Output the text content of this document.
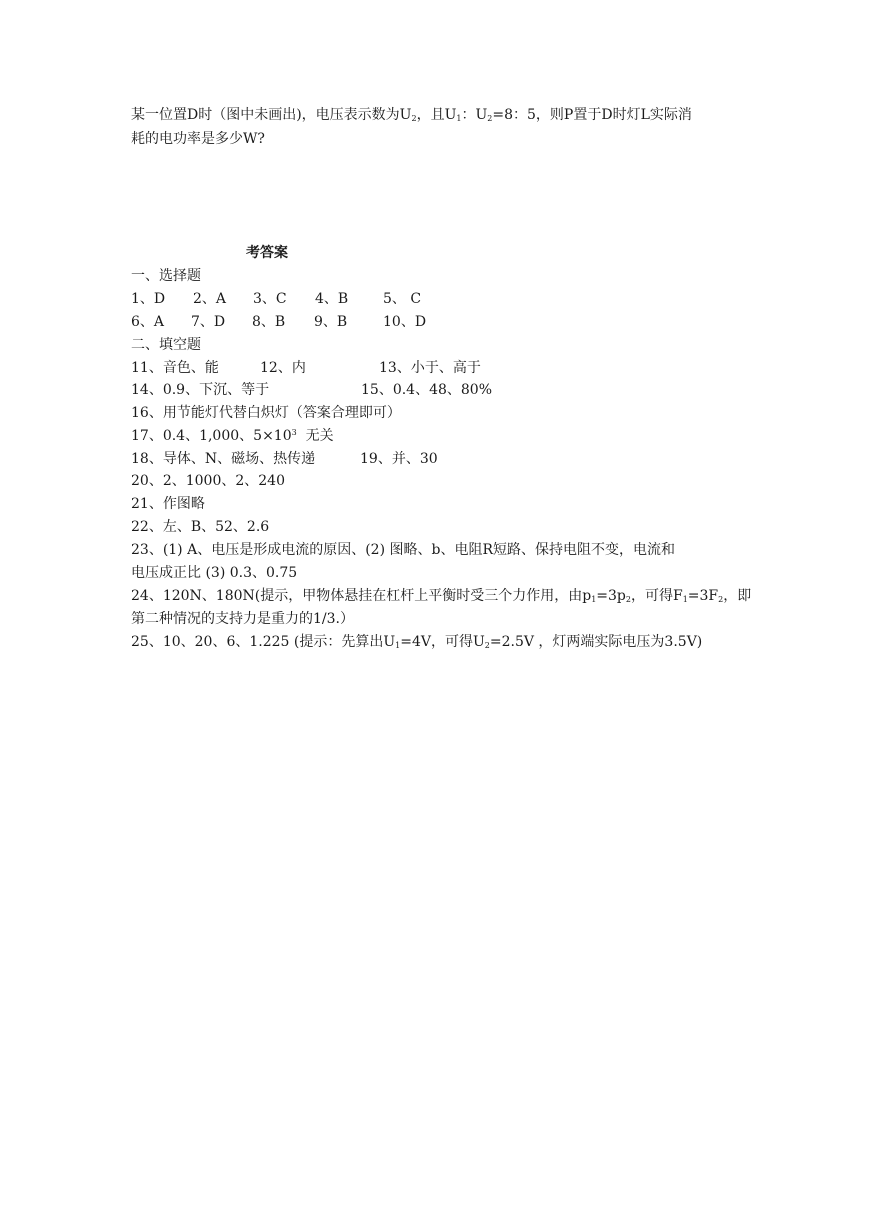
某一位置D时（图中未画出)，电压表示数为$U_2$，且$U_1$：$U_2=8$：5，则P置于D时灯L实际消
耗的电功率是多少W?
考答案
一、选择题
1、D 2、A 3、C 4、B 5、 C
6、A 7、D 8、B 9、B	10、D
二、填空题
11、音色、能	12、内	13、小于、高于
14、0.9、下沉、等于	15、0.4、48、80%
16、用节能灯代替白炽灯（答案合理即可）
17、0.4、1,000、$5\times 10^3$  无关
18、导体、N、磁场、热传递	19、并、30
20、2、1000、2、240
21、作图略
22、左、B、52、2.6
23、(1) A、电压是形成电流的原因、(2) 图略、b、电阻R短路、保持电阻不变，电流和
电压成正比 (3) 0.3、0.75
24、120N、180N(提示，甲物体悬挂在杠杆上平衡时受三个力作用，由$p_1=3p_2$，可得$F_1=3F_2$，即
第二种情况的支持力是重力的1/3.）
25、10、20、6、1.225 (提示：先算出$U_1=4V$，可得$U_2=2.5V$ ，灯两端实际电压为3.5V)
